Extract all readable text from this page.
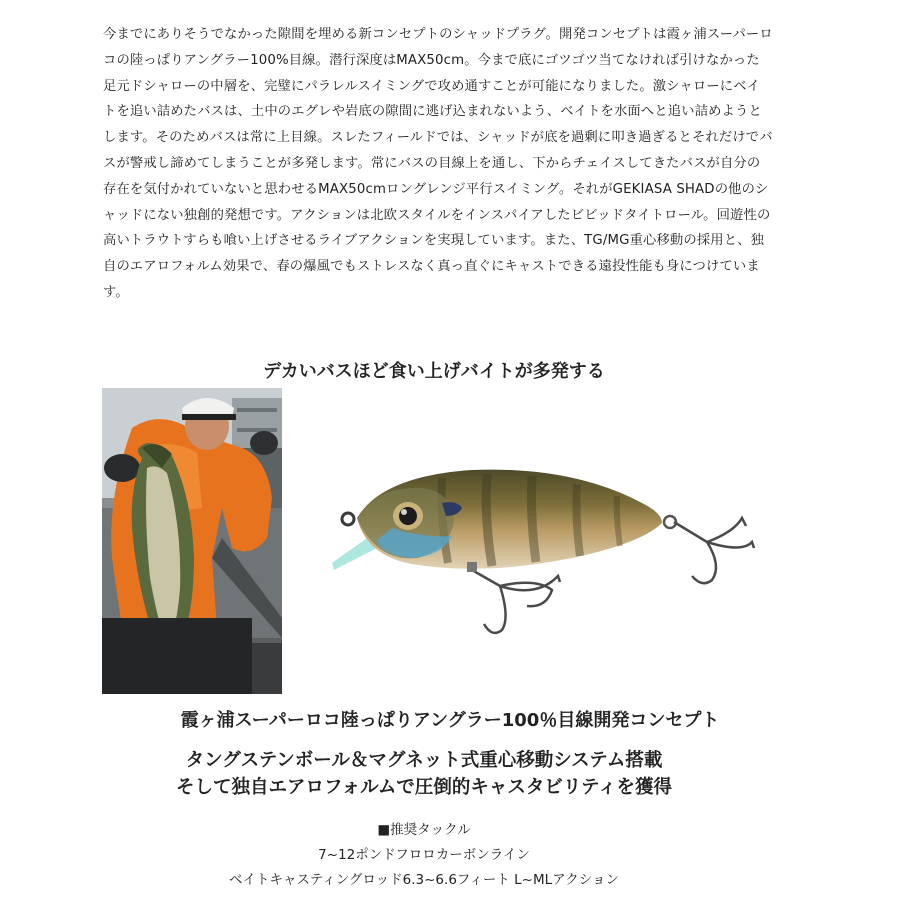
今までにありそうでなかった隙間を埋める新コンセプトのシャッドプラグ。開発コンセプトは霞ヶ浦スーパーロコの陸っぱりアングラー100%目線。潜行深度はMAX50cm。今まで底にゴツゴツ当てなければ引けなかった足元ドシャローの中層を、完璧にパラレルスイミングで攻め通すことが可能になりました。激シャローにベイトを追い詰めたバスは、土中のエグレや岩底の隙間に逃げ込まれないよう、ベイトを水面へと追い詰めようとします。そのためバスは常に上目線。スレたフィールドでは、シャッドが底を過剰に叩き過ぎるとそれだけでバスが警戒し諦めてしまうことが多発します。常にバスの目線上を通し、下からチェイスしてきたバスが自分の存在を気付かれていないと思わせるMAX50cmロングレンジ平行スイミング。それがGEKIASA SHADの他のシャッドにない独創的発想です。アクションは北欧スタイルをインスパイアしたビビッドタイトロール。回遊性の高いトラウトすらも喰い上げさせるライブアクションを実現しています。また、TG/MG重心移動の採用と、独自のエアロフォルム効果で、春の爆風でもストレスなく真っ直ぐにキャストできる遠投性能も身につけています。

デカいバスほど食い上げバイトが多発する
霞ヶ浦スーパーロコ陸っぱりアングラー100％目線開発コンセプト
タングステンボール＆マグネット式重心移動システム搭載
そして独自エアロフォルムで圧倒的キャスタビリティを獲得

■推奨タックル

7~12ポンドフロロカーボンライン

ベイトキャスティングロッド6.3~6.6フィート L~MLアクション
